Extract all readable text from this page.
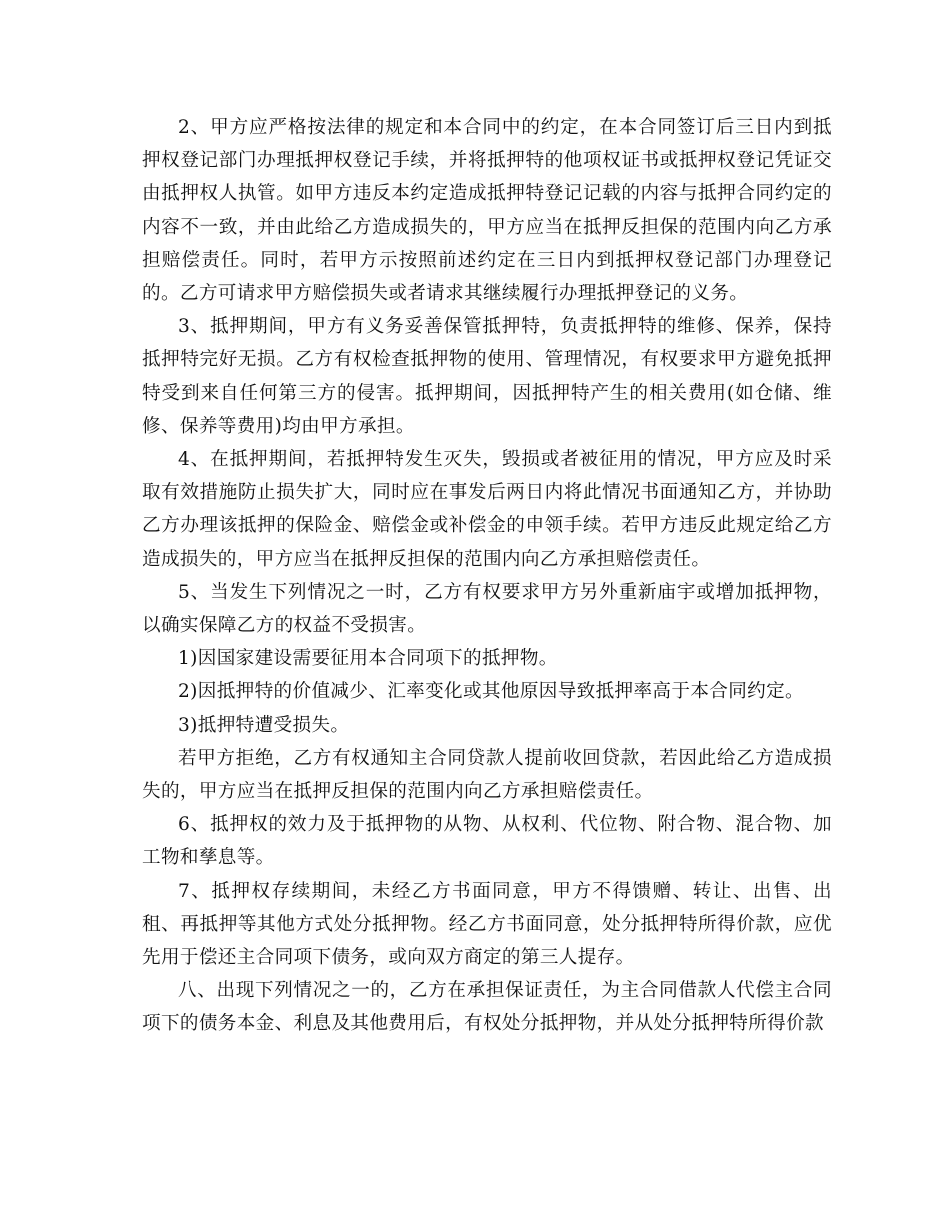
2、甲方应严格按法律的规定和本合同中的约定，在本合同签订后三日内到抵押权登记部门办理抵押权登记手续，并将抵押特的他项权证书或抵押权登记凭证交由抵押权人执管。如甲方违反本约定造成抵押特登记记载的内容与抵押合同约定的内容不一致，并由此给乙方造成损失的，甲方应当在抵押反担保的范围内向乙方承担赔偿责任。同时，若甲方示按照前述约定在三日内到抵押权登记部门办理登记的。乙方可请求甲方赔偿损失或者请求其继续履行办理抵押登记的义务。

3、抵押期间，甲方有义务妥善保管抵押特，负责抵押特的维修、保养，保持抵押特完好无损。乙方有权检查抵押物的使用、管理情况，有权要求甲方避免抵押特受到来自任何第三方的侵害。抵押期间，因抵押特产生的相关费用(如仓储、维修、保养等费用)均由甲方承担。

4、在抵押期间，若抵押特发生灭失，毁损或者被征用的情况，甲方应及时采取有效措施防止损失扩大，同时应在事发后两日内将此情况书面通知乙方，并协助乙方办理该抵押的保险金、赔偿金或补偿金的申领手续。若甲方违反此规定给乙方造成损失的，甲方应当在抵押反担保的范围内向乙方承担赔偿责任。

5、当发生下列情况之一时，乙方有权要求甲方另外重新庙宇或增加抵押物，以确实保障乙方的权益不受损害。

1)因国家建设需要征用本合同项下的抵押物。

2)因抵押特的价值减少、汇率变化或其他原因导致抵押率高于本合同约定。

3)抵押特遭受损失。

若甲方拒绝，乙方有权通知主合同贷款人提前收回贷款，若因此给乙方造成损失的，甲方应当在抵押反担保的范围内向乙方承担赔偿责任。

6、抵押权的效力及于抵押物的从物、从权利、代位物、附合物、混合物、加工物和孳息等。

7、抵押权存续期间，未经乙方书面同意，甲方不得馈赠、转让、出售、出租、再抵押等其他方式处分抵押物。经乙方书面同意，处分抵押特所得价款，应优先用于偿还主合同项下债务，或向双方商定的第三人提存。

八、出现下列情况之一的，乙方在承担保证责任，为主合同借款人代偿主合同项下的债务本金、利息及其他费用后，有权处分抵押物，并从处分抵押特所得价款
